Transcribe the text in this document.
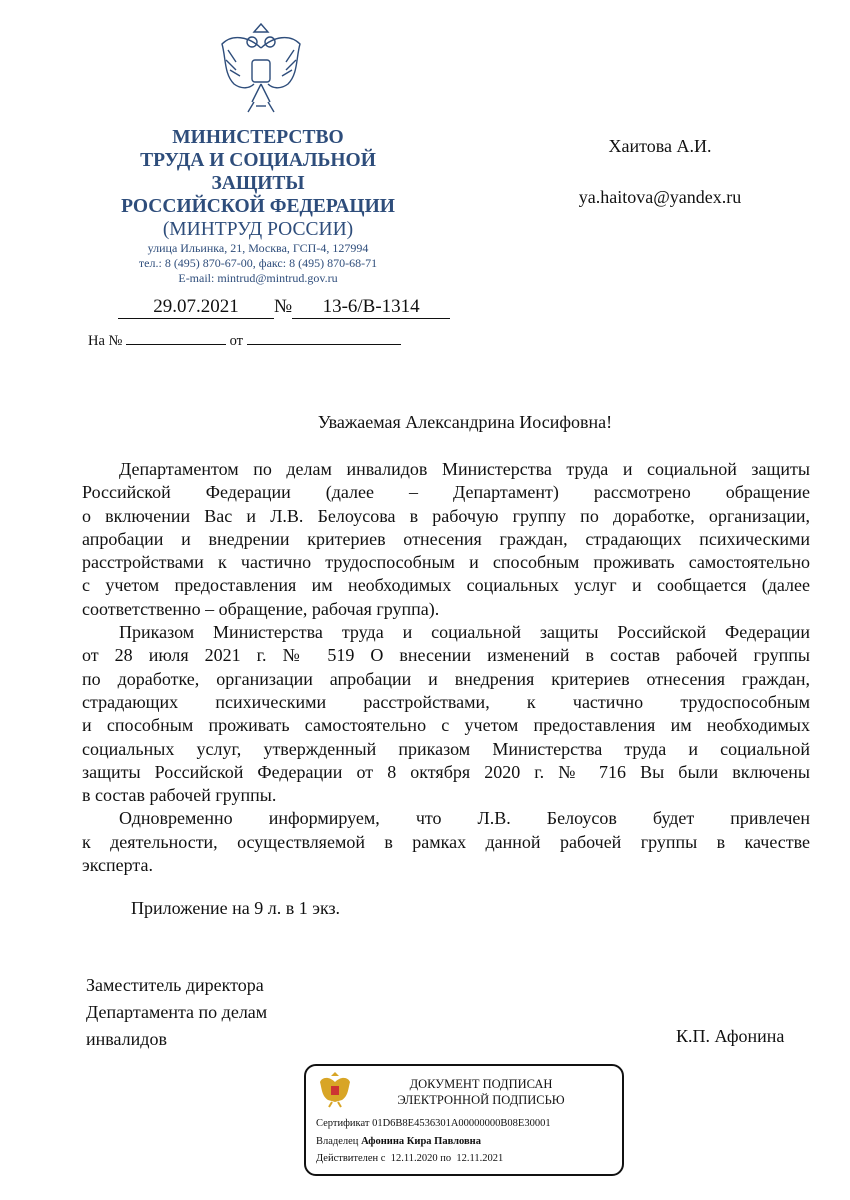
МИНИСТЕРСТВО
ТРУДА И СОЦИАЛЬНОЙ
ЗАЩИТЫ
РОССИЙСКОЙ ФЕДЕРАЦИИ
(МИНТРУД РОССИИ)
улица Ильинка, 21, Москва, ГСП-4, 127994
тел.: 8 (495) 870-67-00, факс: 8 (495) 870-68-71
E-mail: mintrud@mintrud.gov.ru
29.07.2021 № 13-6/В-1314
На №	от
Хаитова А.И.
ya.haitova@yandex.ru
Уважаемая Александрина Иосифовна!
Департаментом по делам инвалидов Министерства труда и социальной защиты
Российской Федерации (далее – Департамент) рассмотрено обращение
о включении Вас и Л.В. Белоусова в рабочую группу по доработке, организации,
апробации и внедрении критериев отнесения граждан, страдающих психическими
расстройствами к частично трудоспособным и способным проживать самостоятельно
с учетом предоставления им необходимых социальных услуг и сообщается (далее
соответственно – обращение, рабочая группа).
Приказом Министерства труда и социальной защиты Российской Федерации
от 28 июля 2021 г. № 519 О внесении изменений в состав рабочей группы
по доработке, организации апробации и внедрения критериев отнесения граждан,
страдающих психическими расстройствами, к частично трудоспособным
и способным проживать самостоятельно с учетом предоставления им необходимых
социальных услуг, утвержденный приказом Министерства труда и социальной
защиты Российской Федерации от 8 октября 2020 г. № 716 Вы были включены
в состав рабочей группы.
Одновременно информируем, что Л.В. Белоусов будет привлечен
к деятельности, осуществляемой в рамках данной рабочей группы в качестве
эксперта.
Приложение на 9 л. в 1 экз.
Заместитель директора
Департамента по делам
инвалидов	К.П. Афонина
ДОКУМЕНТ ПОДПИСАН
ЭЛЕКТРОННОЙ ПОДПИСЬЮ
Сертификат 01D6B8E4536301A00000000B08E30001
Владелец Афонина Кира Павловна
Действителен с 12.11.2020 по 12.11.2021
